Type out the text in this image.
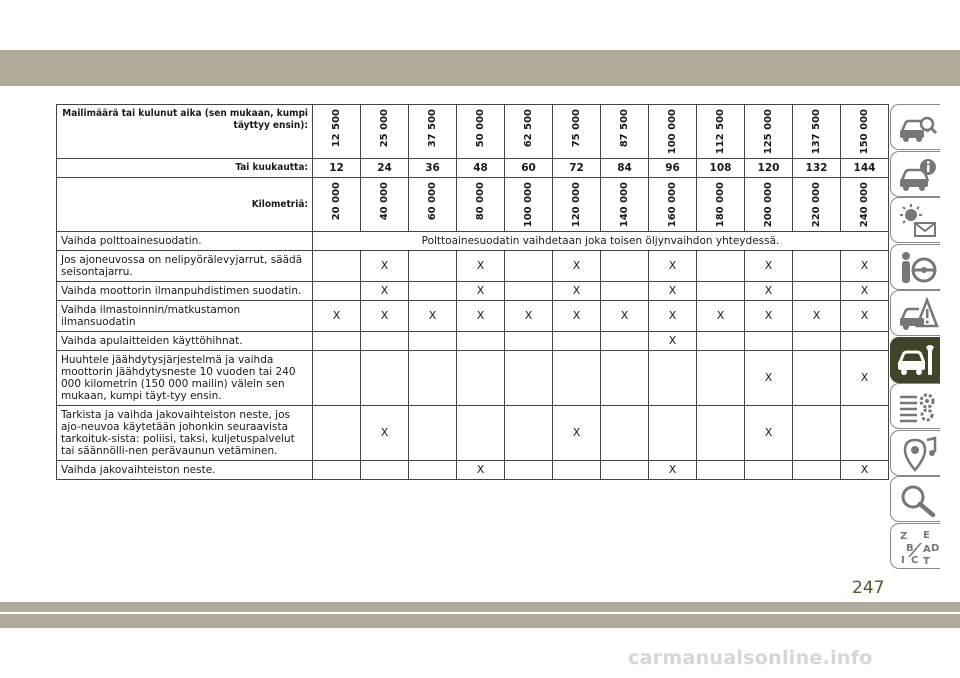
Mailimäärä tai kulunut aika (sen mukaan, kumpi täyttyy ensin):	12 500	25 000	37 500	50 000	62 500	75 000	87 500	100 000	112 500	125 000	137 500	150 000
Tai kuukautta:	12	24	36	48	60	72	84	96	108	120	132	144
Kilometriä:	20 000	40 000	60 000	80 000	100 000	120 000	140 000	160 000	180 000	200 000	220 000	240 000
Vaihda polttoainesuodatin.	Polttoainesuodatin vaihdetaan joka toisen öljynvaihdon yhteydessä.											
Jos ajoneuvossa on nelipyörälevyjarrut, säädä seisontajarru.		X		X		X		X		X		X
Vaihda moottorin ilmanpuhdistimen suodatin.		X		X		X		X		X		X
Vaihda ilmastoinnin/matkustamon ilmansuodatin	X	X	X	X	X	X	X	X	X	X	X	X
Vaihda apulaitteiden käyttöhihnat.								X				
Huuhtele jäähdytysjärjestelmä ja vaihda moottorin jäähdytysneste 10 vuoden tai 240 000 kilometrin (150 000 mailin) välein sen mukaan, kumpi täyt-tyy ensin.										X		X
Tarkista ja vaihda jakovaihteiston neste, jos ajo-neuvoa käytetään johonkin seuraavista tarkoituk-sista: poliisi, taksi, kuljetuspalvelut tai säännölli-nen perävaunun vetäminen.		X				X				X		
Vaihda jakovaihteiston neste.				X				X				X
Z E
B A
I C
D
T
247
carmanualsonline.info
